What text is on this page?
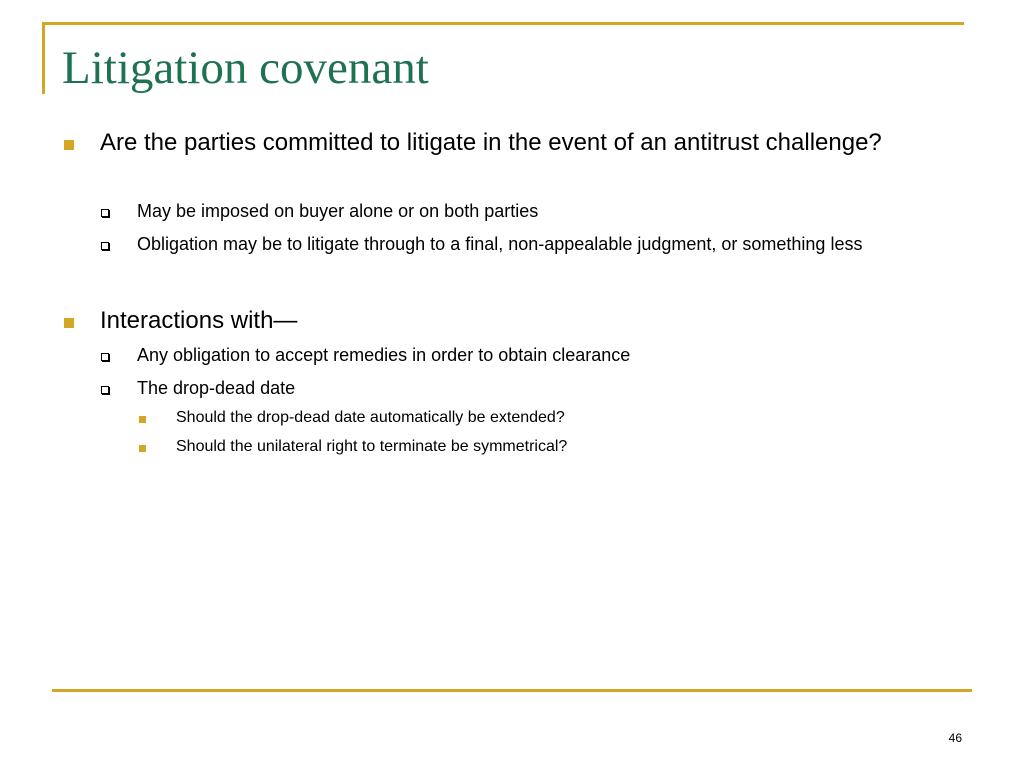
Litigation covenant

Are the parties committed to litigate in the event of an antitrust challenge?

May be imposed on buyer alone or on both parties

Obligation may be to litigate through to a final, non-appealable judgment, or something less

Interactions with—

Any obligation to accept remedies in order to obtain clearance

The drop-dead date

Should the drop-dead date automatically be extended?

Should the unilateral right to terminate be symmetrical?

46
